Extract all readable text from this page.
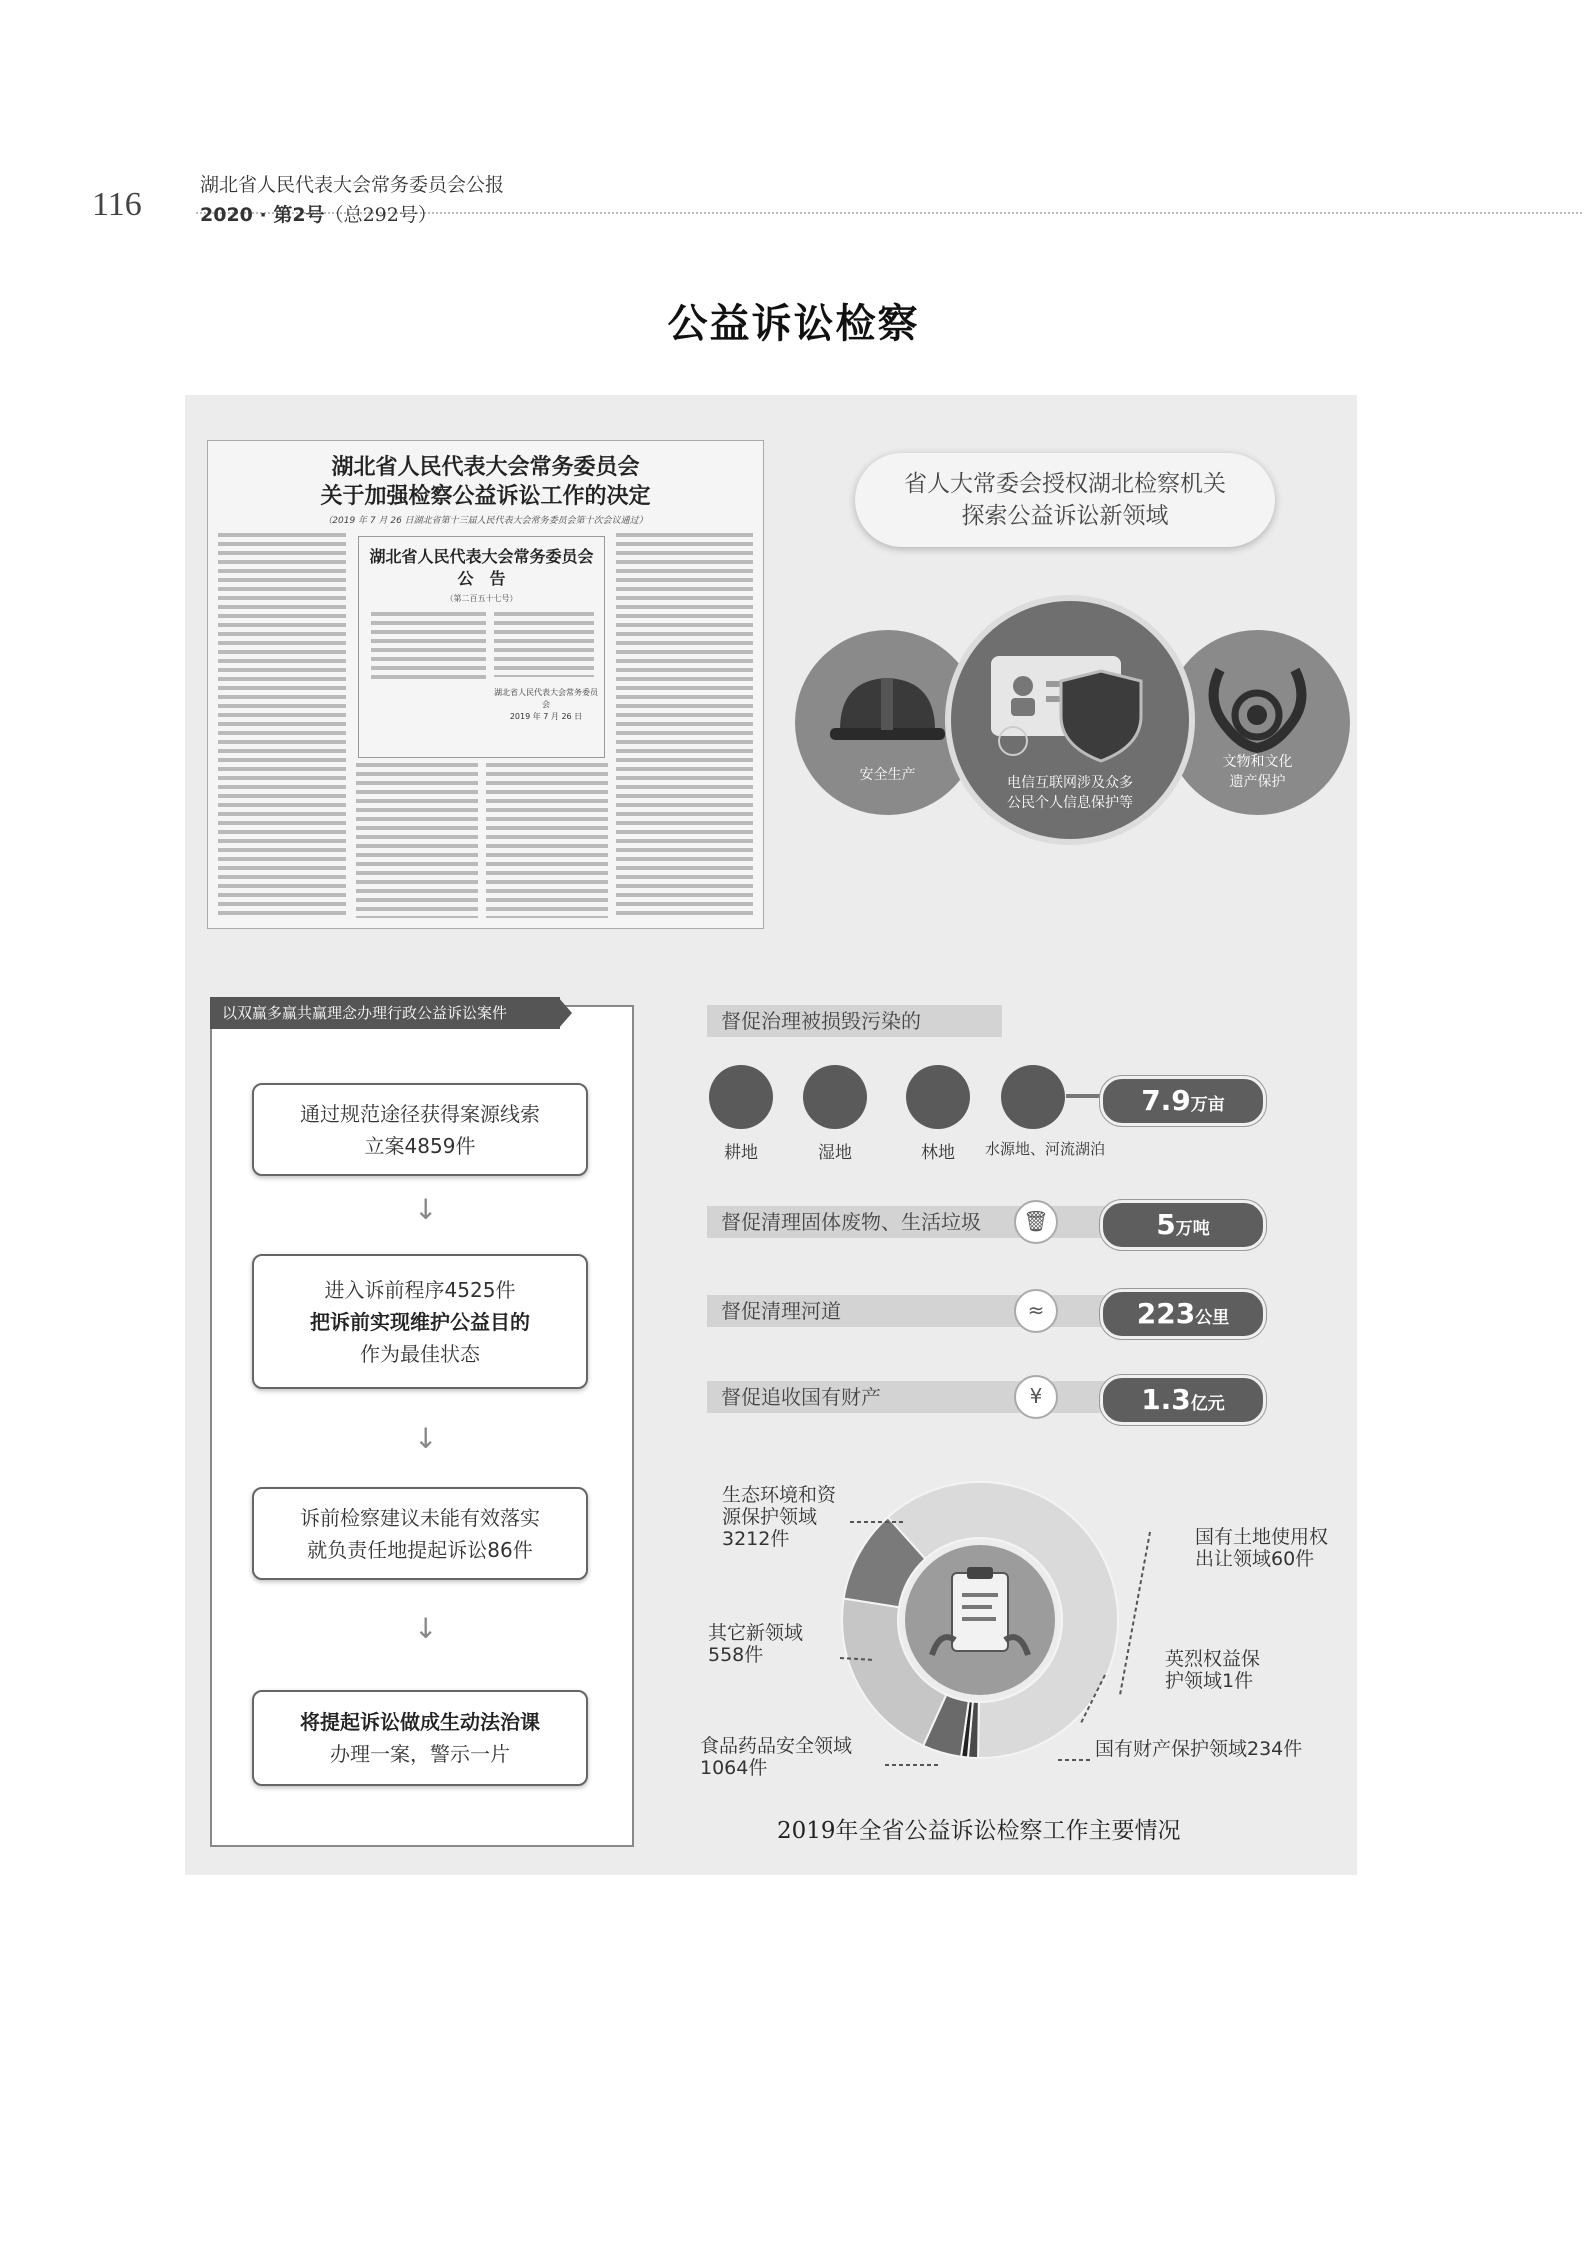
116
湖北省人民代表大会常务委员会公报
2020 · 第2号（总292号）
公益诉讼检察
湖北省人民代表大会常务委员会
关于加强检察公益诉讼工作的决定
（2019 年 7 月 26 日湖北省第十三届人民代表大会常务委员会第十次会议通过）
湖北省人民代表大会常务委员会
公　告
（第二百五十七号）
湖北省人民代表大会常务委员会
2019 年 7 月 26 日
省人大常委会授权湖北检察机关
探索公益诉讼新领域
安全生产
文物和文化
遗产保护
电信互联网涉及众多
公民个人信息保护等
以双赢多赢共赢理念办理行政公益诉讼案件
通过规范途径获得案源线索
立案4859件
↓
进入诉前程序4525件
把诉前实现维护公益目的
作为最佳状态
↓
诉前检察建议未能有效落实
就负责任地提起诉讼86件
↓
将提起诉讼做成生动法治课
办理一案，警示一片
督促治理被损毁污染的
耕地	湿地	林地	水源地、河流湖泊
7.9万亩
督促清理固体废物、生活垃圾	🗑	5万吨
督促清理河道	≈	223公里
督促追收国有财产	¥	1.3亿元
生态环境和资
源保护领域
3212件	国有土地使用权
出让领域60件
英烈权益保
护领域1件
国有财产保护领域234件
食品药品安全领域
1064件
其它新领域
558件
2019年全省公益诉讼检察工作主要情况
